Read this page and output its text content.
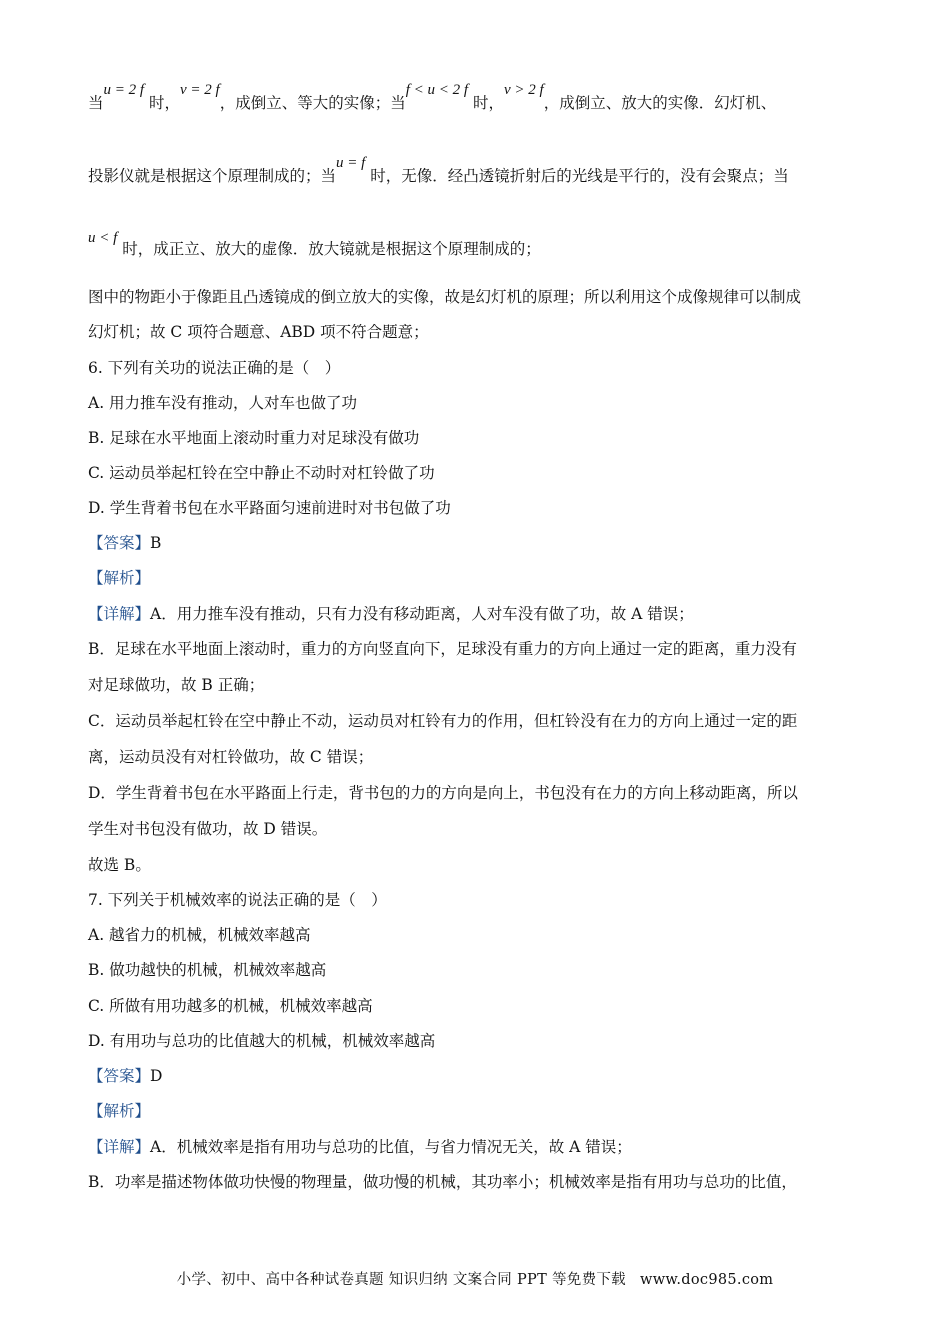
当u = 2 f 时，v = 2 f，成倒立、等大的实像；当f < u < 2 f 时，v > 2 f，成倒立、放大的实像．幻灯机、
投影仪就是根据这个原理制成的；当u = f 时，无像．经凸透镜折射后的光线是平行的，没有会聚点；当
u < f 时，成正立、放大的虚像．放大镜就是根据这个原理制成的；
图中的物距小于像距且凸透镜成的倒立放大的实像，故是幻灯机的原理；所以利用这个成像规律可以制成
幻灯机；故 C 项符合题意、ABD 项不符合题意；
6. 下列有关功的说法正确的是（　）
A. 用力推车没有推动，人对车也做了功
B. 足球在水平地面上滚动时重力对足球没有做功
C. 运动员举起杠铃在空中静止不动时对杠铃做了功
D. 学生背着书包在水平路面匀速前进时对书包做了功
【答案】B
【解析】
【详解】A．用力推车没有推动，只有力没有移动距离，人对车没有做了功，故 A 错误；
B．足球在水平地面上滚动时，重力的方向竖直向下，足球没有重力的方向上通过一定的距离，重力没有
对足球做功，故 B 正确；
C．运动员举起杠铃在空中静止不动，运动员对杠铃有力的作用，但杠铃没有在力的方向上通过一定的距
离，运动员没有对杠铃做功，故 C 错误；
D．学生背着书包在水平路面上行走，背书包的力的方向是向上，书包没有在力的方向上移动距离，所以
学生对书包没有做功，故 D 错误。
故选 B。
7. 下列关于机械效率的说法正确的是（　）
A. 越省力的机械，机械效率越高
B. 做功越快的机械，机械效率越高
C. 所做有用功越多的机械，机械效率越高
D. 有用功与总功的比值越大的机械，机械效率越高
【答案】D
【解析】
【详解】A．机械效率是指有用功与总功的比值，与省力情况无关，故 A 错误；
B．功率是描述物体做功快慢的物理量，做功慢的机械，其功率小；机械效率是指有用功与总功的比值，
小学、初中、高中各种试卷真题 知识归纳 文案合同 PPT 等免费下载 www.doc985.com
